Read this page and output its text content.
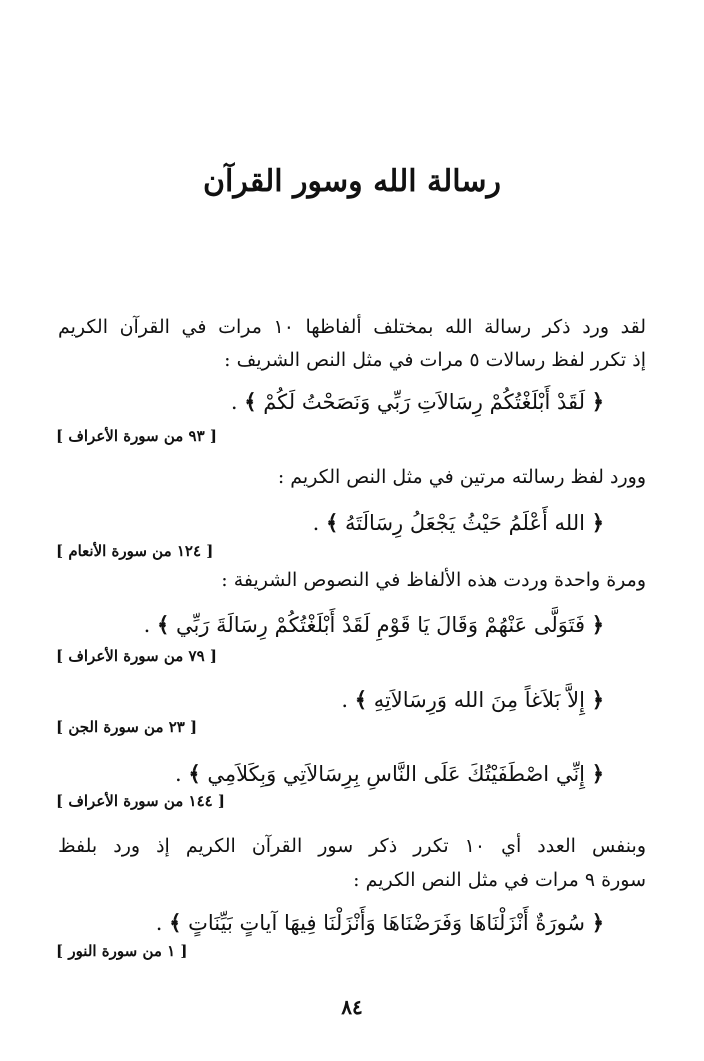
رسالة الله وسور القرآن
لقد ورد ذكر رسالة الله بمختلف ألفاظها ١٠ مرات في القرآن الكريم
إذ تكرر لفظ رسالات ٥ مرات في مثل النص الشريف :
﴿ لَقَدْ أَبْلَغْتُكُمْ رِسَالاَتِ رَبِّي وَنَصَحْتُ لَكُمْ ﴾ .
[ ٩٣ من سورة الأعراف ]
وورد لفظ رسالته مرتين في مثل النص الكريم :
﴿ الله أَعْلَمُ حَيْثُ يَجْعَلُ رِسَالَتَهُ ﴾ .
[ ١٢٤ من سورة الأنعام ]
ومرة واحدة وردت هذه الألفاظ في النصوص الشريفة :
﴿ فَتَوَلَّى عَنْهُمْ وَقَالَ يَا قَوْمِ لَقَدْ أَبْلَغْتُكُمْ رِسَالَةَ رَبِّي ﴾ .
[ ٧٩ من سورة الأعراف ]
﴿ إِلاَّ بَلاَغاً مِنَ الله وَرِسَالاَتِهِ ﴾ .
[ ٢٣ من سورة الجن ]
﴿ إِنِّي اصْطَفَيْتُكَ عَلَى النَّاسِ بِرِسَالاَتِي وَبِكَلاَمِي ﴾ .
[ ١٤٤ من سورة الأعراف ]
وبنفس العدد أي ١٠ تكرر ذكر سور القرآن الكريم إذ ورد بلفظ
سورة ٩ مرات في مثل النص الكريم :
﴿ سُورَةٌ أَنْزَلْنَاهَا وَفَرَضْنَاهَا وَأَنْزَلْنَا فِيهَا آياتٍ بَيِّنَاتٍ ﴾ .
[ ١ من سورة النور ]
٨٤
